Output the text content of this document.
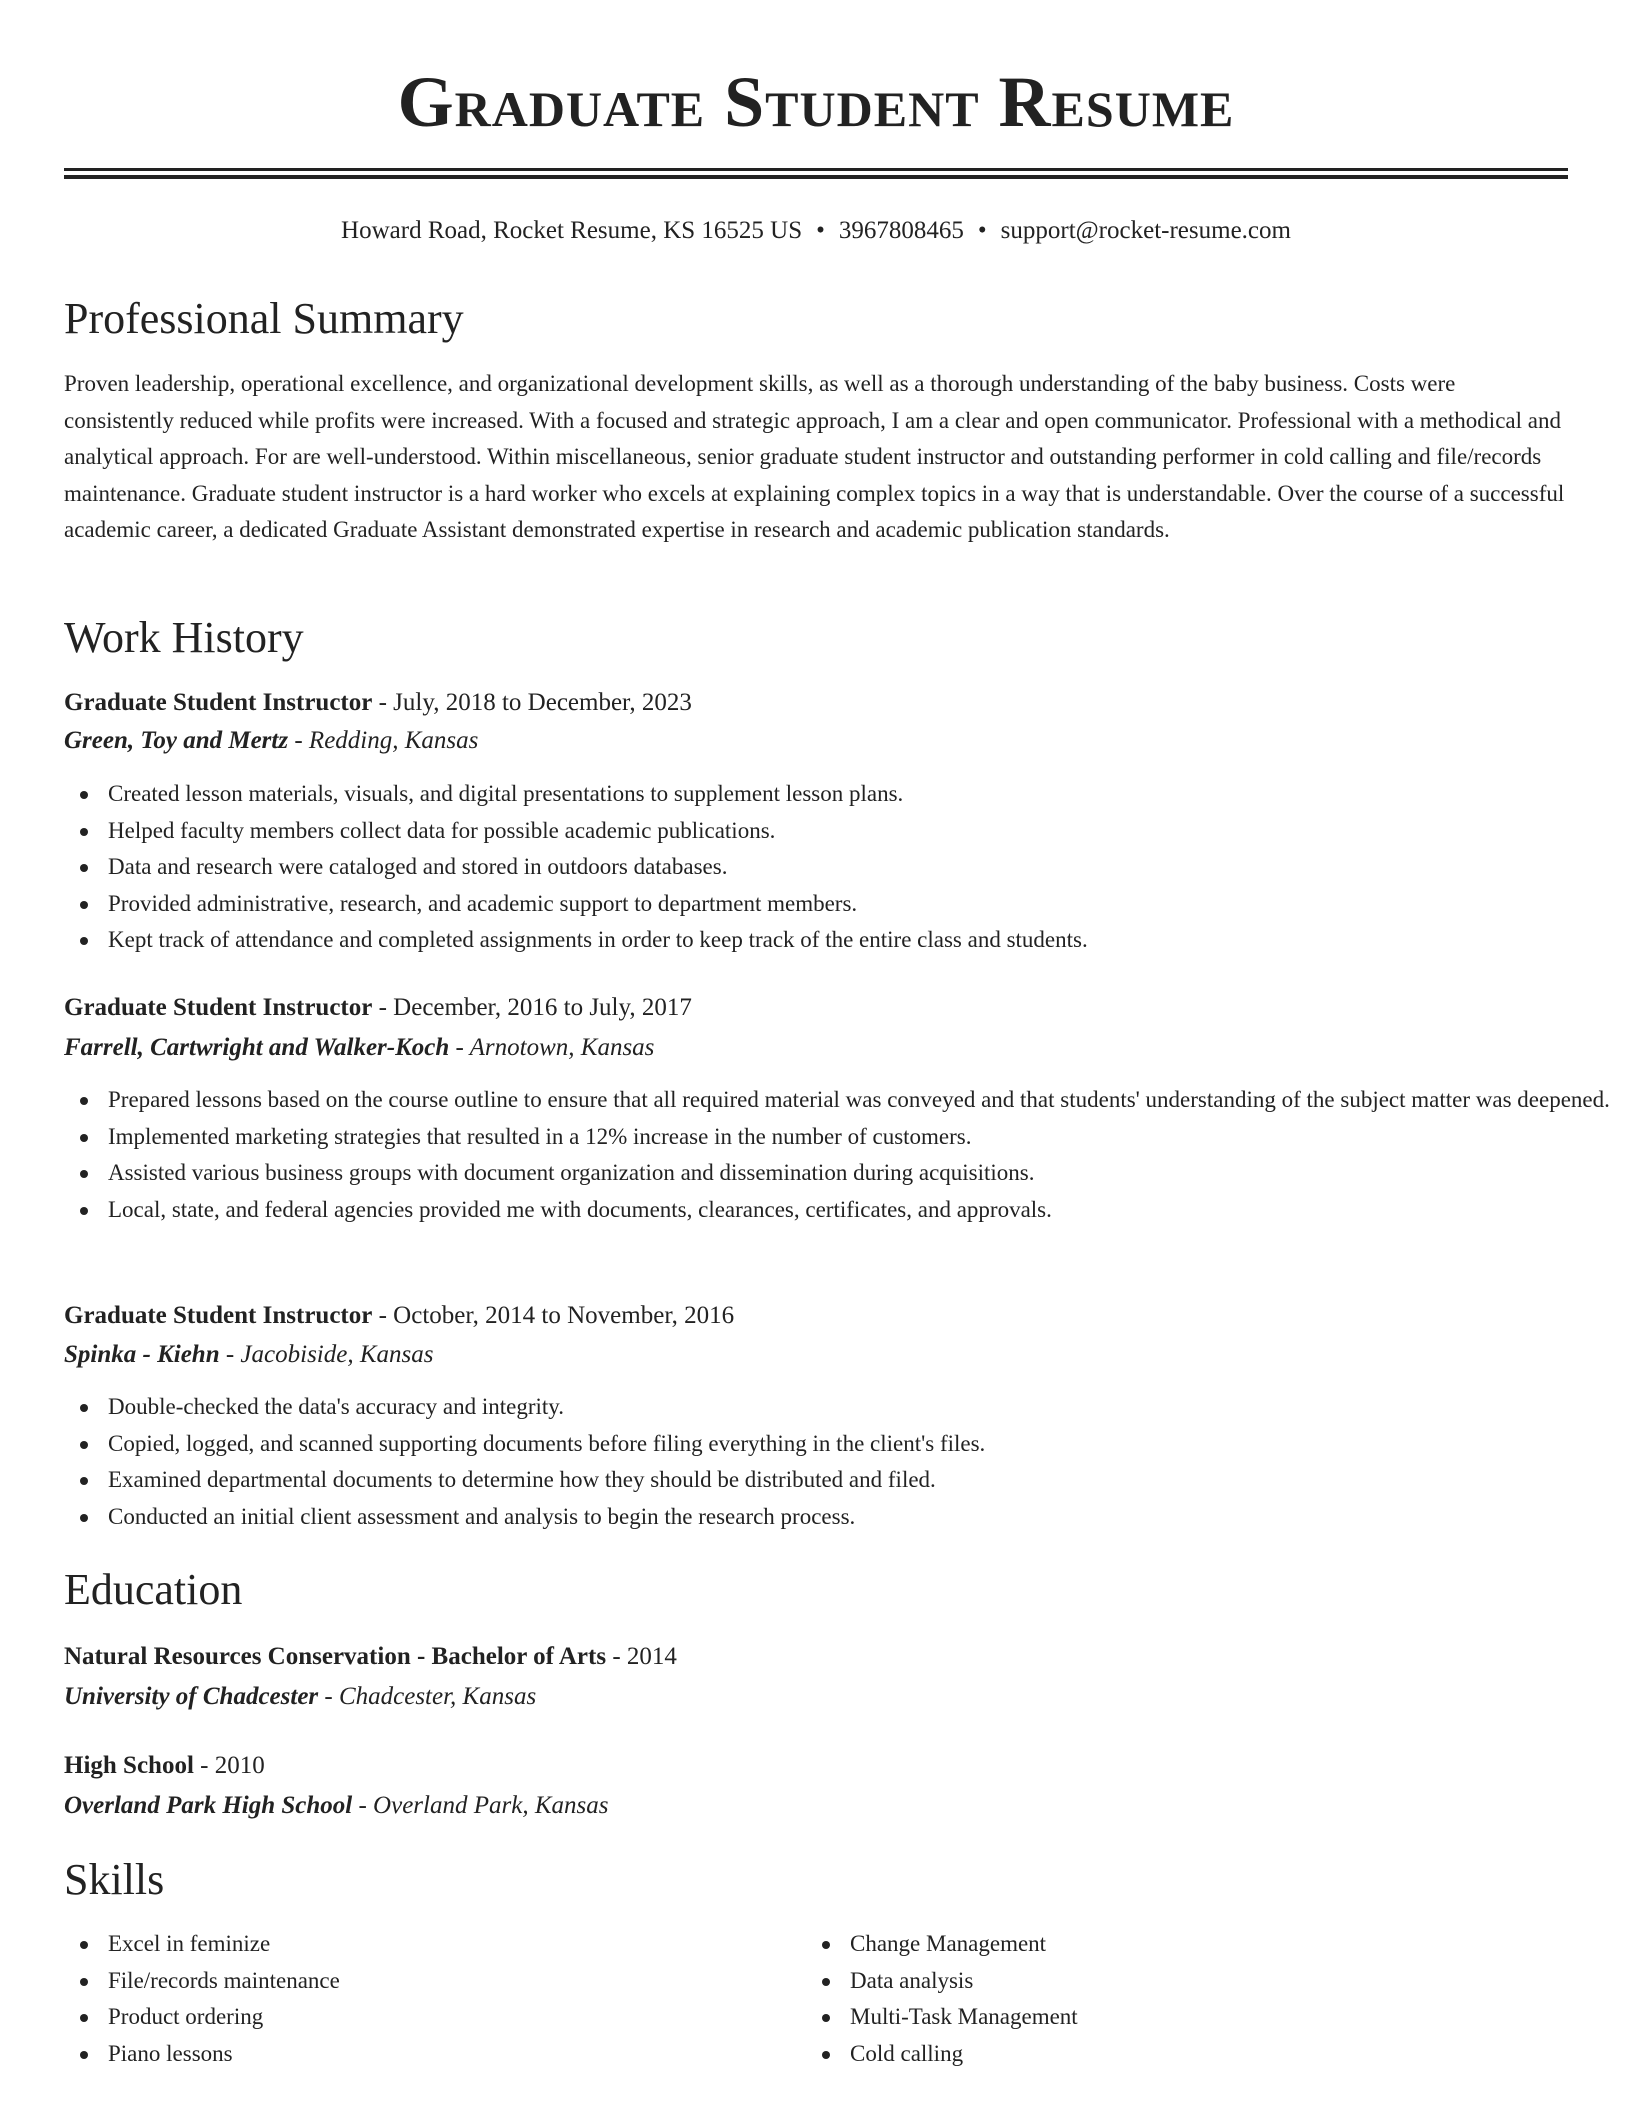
Graduate Student Resume
Howard Road, Rocket Resume, KS 16525 US • 3967808465 • support@rocket-resume.com
Professional Summary

Proven leadership, operational excellence, and organizational development skills, as well as a thorough understanding of the baby business. Costs were consistently reduced while profits were increased. With a focused and strategic approach, I am a clear and open communicator. Professional with a methodical and analytical approach. For are well-understood. Within miscellaneous, senior graduate student instructor and outstanding performer in cold calling and file/records maintenance. Graduate student instructor is a hard worker who excels at explaining complex topics in a way that is understandable. Over the course of a successful academic career, a dedicated Graduate Assistant demonstrated expertise in research and academic publication standards.

Work History
Graduate Student Instructor - July, 2018 to December, 2023
Green, Toy and Mertz - Redding, Kansas
Created lesson materials, visuals, and digital presentations to supplement lesson plans.
Helped faculty members collect data for possible academic publications.
Data and research were cataloged and stored in outdoors databases.
Provided administrative, research, and academic support to department members.
Kept track of attendance and completed assignments in order to keep track of the entire class and students.
Graduate Student Instructor - December, 2016 to July, 2017
Farrell, Cartwright and Walker-Koch - Arnotown, Kansas
Prepared lessons based on the course outline to ensure that all required material was conveyed and that students' understanding of the subject matter was deepened.
Implemented marketing strategies that resulted in a 12% increase in the number of customers.
Assisted various business groups with document organization and dissemination during acquisitions.
Local, state, and federal agencies provided me with documents, clearances, certificates, and approvals.
Graduate Student Instructor - October, 2014 to November, 2016
Spinka - Kiehn - Jacobiside, Kansas
Double-checked the data's accuracy and integrity.
Copied, logged, and scanned supporting documents before filing everything in the client's files.
Examined departmental documents to determine how they should be distributed and filed.
Conducted an initial client assessment and analysis to begin the research process.
Education
Natural Resources Conservation - Bachelor of Arts - 2014
University of Chadcester - Chadcester, Kansas
High School - 2010
Overland Park High School - Overland Park, Kansas
Skills
Excel in feminize
File/records maintenance
Product ordering
Piano lessons
Change Management
Data analysis
Multi-Task Management
Cold calling
